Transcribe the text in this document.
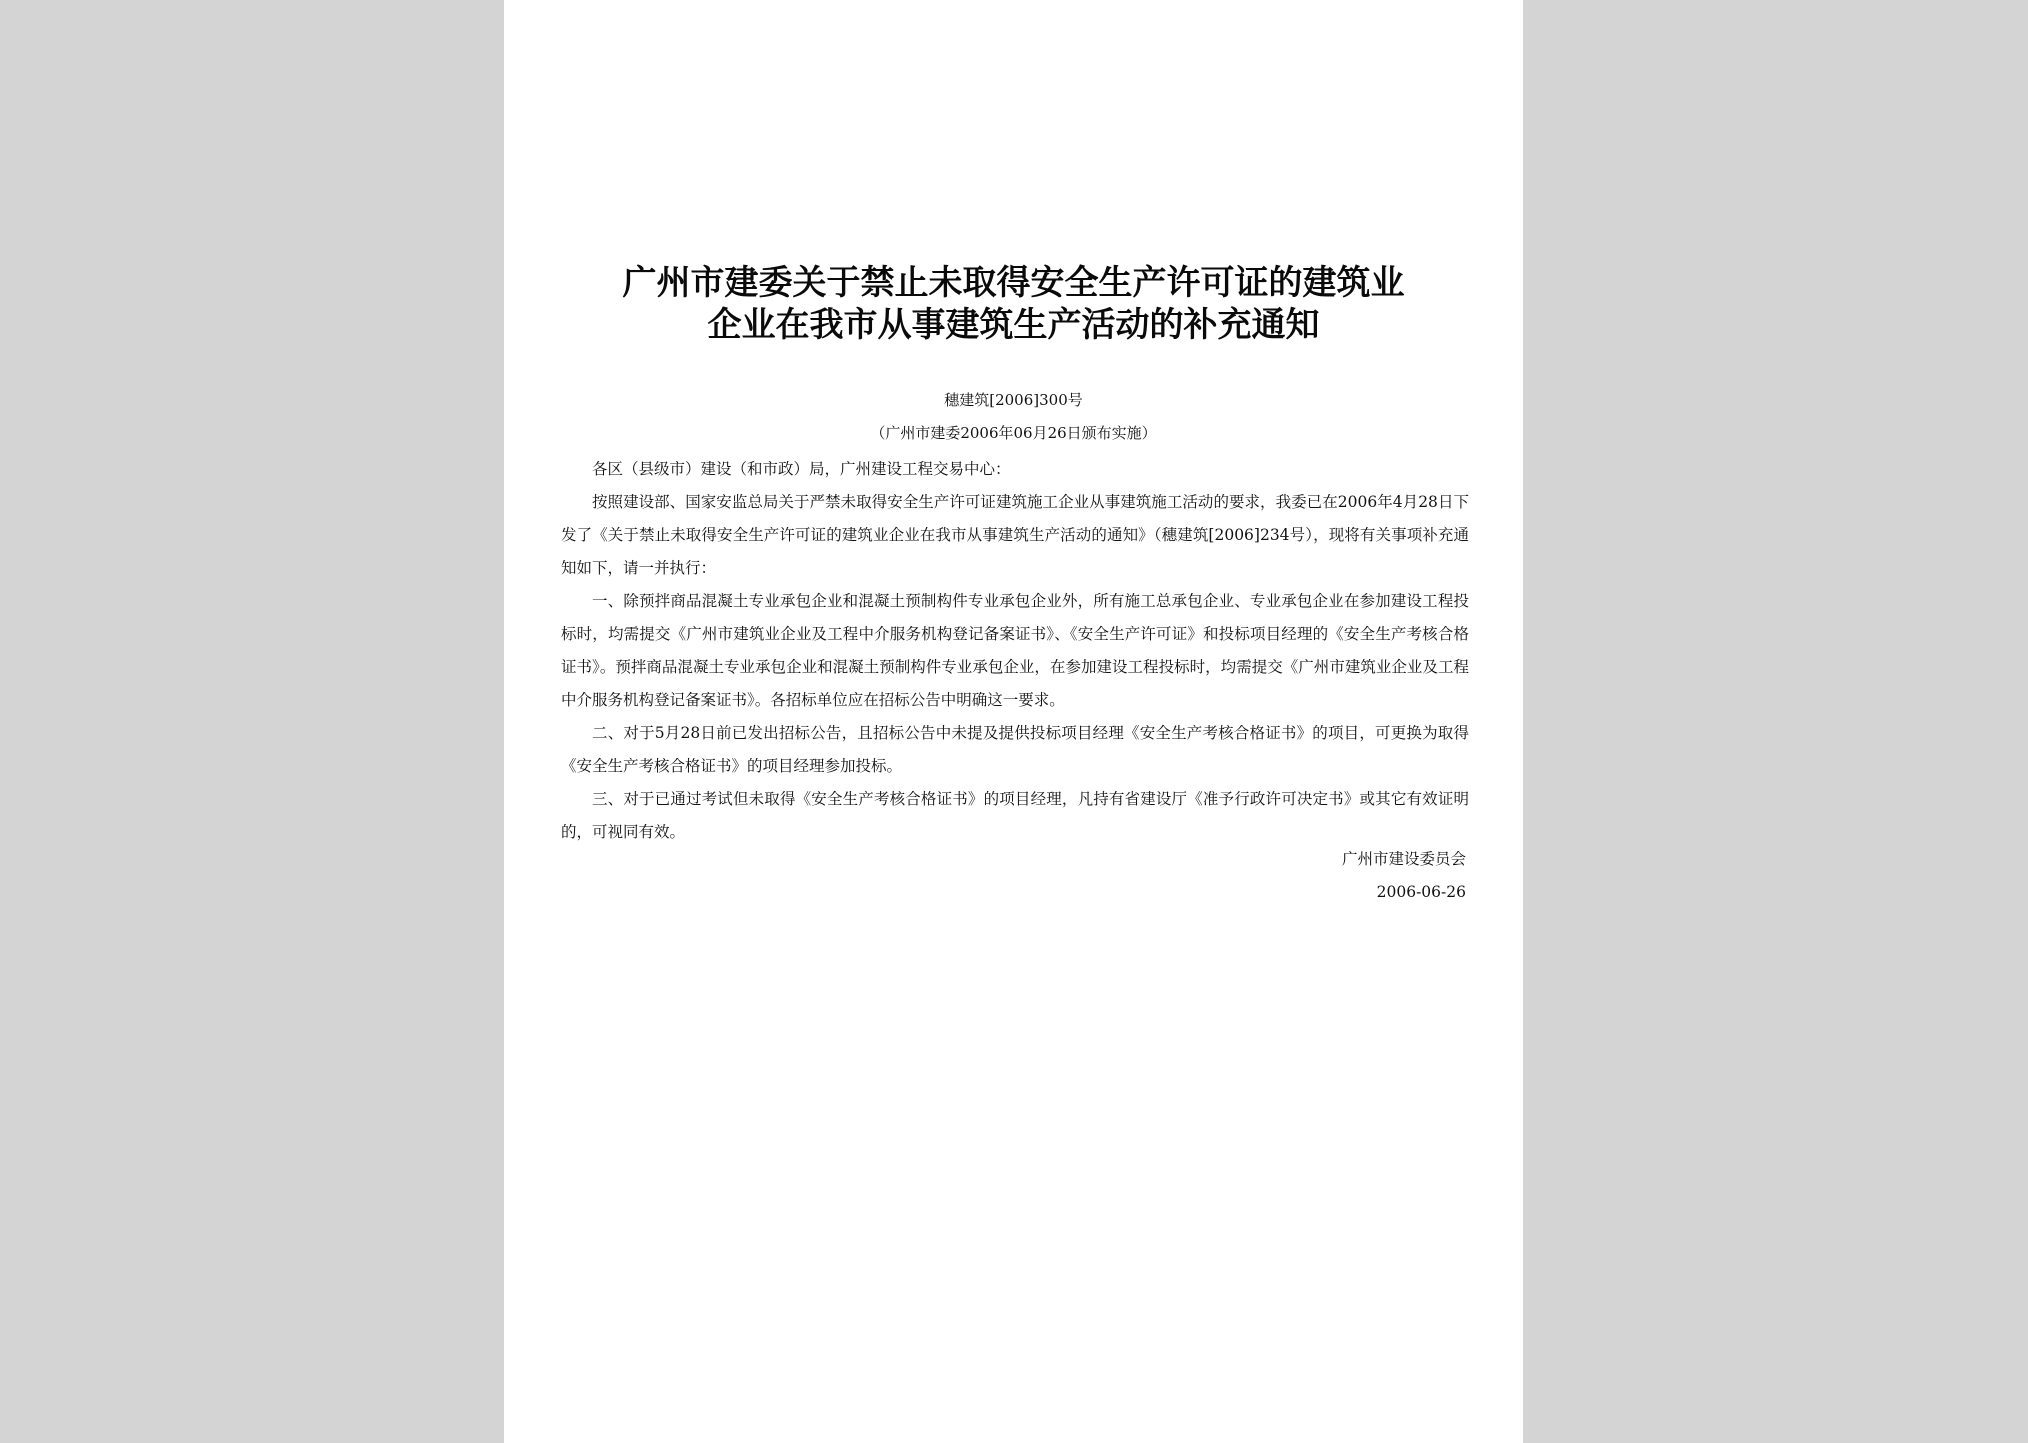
广州市建委关于禁止未取得安全生产许可证的建筑业
企业在我市从事建筑生产活动的补充通知
穗建筑[2006]300号
（广州市建委2006年06月26日颁布实施）

各区（县级市）建设（和市政）局，广州建设工程交易中心：

按照建设部、国家安监总局关于严禁未取得安全生产许可证建筑施工企业从事建筑施工活动的要求，我委已在2006年4月28日下发了《关于禁止未取得安全生产许可证的建筑业企业在我市从事建筑生产活动的通知》（穗建筑[2006]234号），现将有关事项补充通知如下，请一并执行：

一、除预拌商品混凝土专业承包企业和混凝土预制构件专业承包企业外，所有施工总承包企业、专业承包企业在参加建设工程投标时，均需提交《广州市建筑业企业及工程中介服务机构登记备案证书》、《安全生产许可证》和投标项目经理的《安全生产考核合格证书》。预拌商品混凝土专业承包企业和混凝土预制构件专业承包企业，在参加建设工程投标时，均需提交《广州市建筑业企业及工程中介服务机构登记备案证书》。各招标单位应在招标公告中明确这一要求。

二、对于5月28日前已发出招标公告，且招标公告中未提及提供投标项目经理《安全生产考核合格证书》的项目，可更换为取得《安全生产考核合格证书》的项目经理参加投标。

三、对于已通过考试但未取得《安全生产考核合格证书》的项目经理，凡持有省建设厅《准予行政许可决定书》或其它有效证明的，可视同有效。

广州市建设委员会
2006-06-26
